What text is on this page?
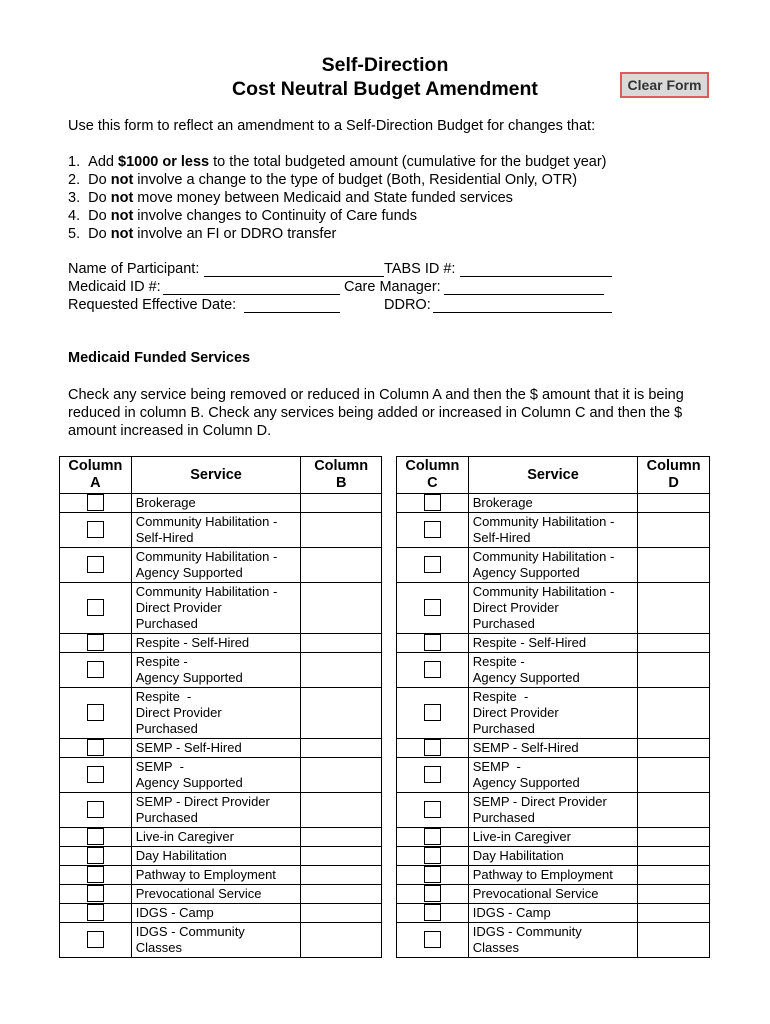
Self-Direction
Cost Neutral Budget Amendment	Clear Form
Use this form to reflect an amendment to a Self-Direction Budget for changes that:
1. Add $1000 or less to the total budgeted amount (cumulative for the budget year)
2. Do not involve a change to the type of budget (Both, Residential Only, OTR)
3. Do not move money between Medicaid and State funded services
4. Do not involve changes to Continuity of Care funds
5. Do not involve an FI or DDRO transfer
Name of Participant:	TABS ID #:
Medicaid ID #:	Care Manager:
Requested Effective Date:	DDRO:
Medicaid Funded Services
Check any service being removed or reduced in Column A and then the $ amount that it is being reduced in column B. Check any services being added or increased in Column C and then the $ amount increased in Column D.
Column
A	Service	Column
B

	Brokerage	

	Community Habilitation -
Self-Hired	

	Community Habilitation -
Agency Supported	

	Community Habilitation -
Direct Provider
Purchased	

	Respite - Self-Hired	

	Respite -
Agency Supported	

	Respite  -
Direct Provider
Purchased	

	SEMP - Self-Hired	

	SEMP  -
Agency Supported	

	SEMP - Direct Provider
Purchased	

	Live-in Caregiver	

	Day Habilitation	

	Pathway to Employment	

	Prevocational Service	

	IDGS - Camp	

	IDGS - Community
Classes	

Column
C	Service	Column
D

	Brokerage	

	Community Habilitation -
Self-Hired	

	Community Habilitation -
Agency Supported	

	Community Habilitation -
Direct Provider
Purchased	

	Respite - Self-Hired	

	Respite -
Agency Supported	

	Respite  -
Direct Provider
Purchased	

	SEMP - Self-Hired	

	SEMP  -
Agency Supported	

	SEMP - Direct Provider
Purchased	

	Live-in Caregiver	

	Day Habilitation	

	Pathway to Employment	

	Prevocational Service	

	IDGS - Camp	

	IDGS - Community
Classes	
